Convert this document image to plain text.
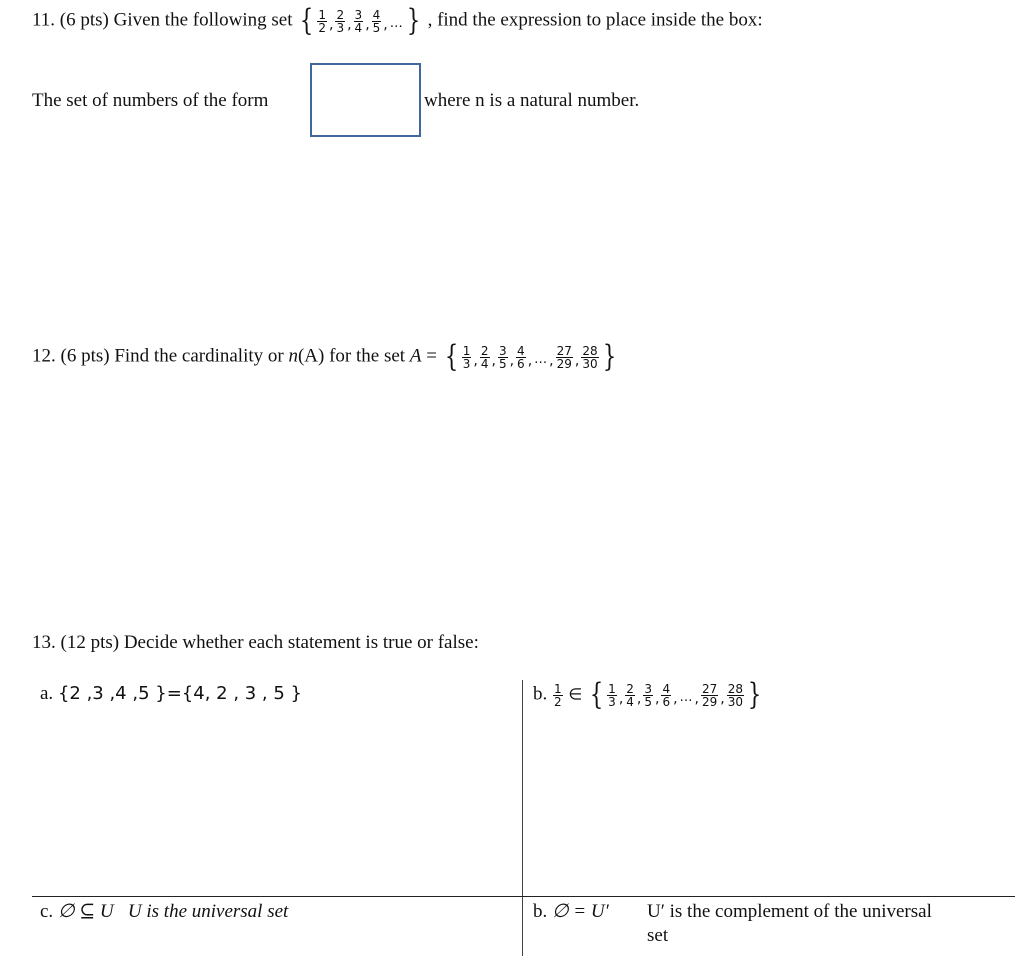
11. (6 pts) Given the following set { $\frac{1}{2} _, \frac{2}{3} _, \frac{3}{4} _, \frac{4}{5} _,$ … } , find the expression to place inside the box:
The set of numbers of the form	where n is a natural number.
12. (6 pts) Find the cardinality or n(A) for the set A = { $\frac{1}{3} _, \frac{2}{4} _, \frac{3}{5} _, \frac{4}{6} _,$ … $_, \frac{27}{29} _, \frac{28}{30}$ }
13. (12 pts) Decide whether each statement is true or false:
a. {2 ,3 ,4 ,5 }={4, 2 , 3 , 5 }	b. $\frac{1}{2}$ ∈ { $\frac{1}{3} _, \frac{2}{4} _, \frac{3}{5} _, \frac{4}{6} _,$ … $_, \frac{27}{29} _, \frac{28}{30}$ }
c. ∅ ⊆ U U is the universal set	b. ∅ = U′ U′ is the complement of the universal
set
